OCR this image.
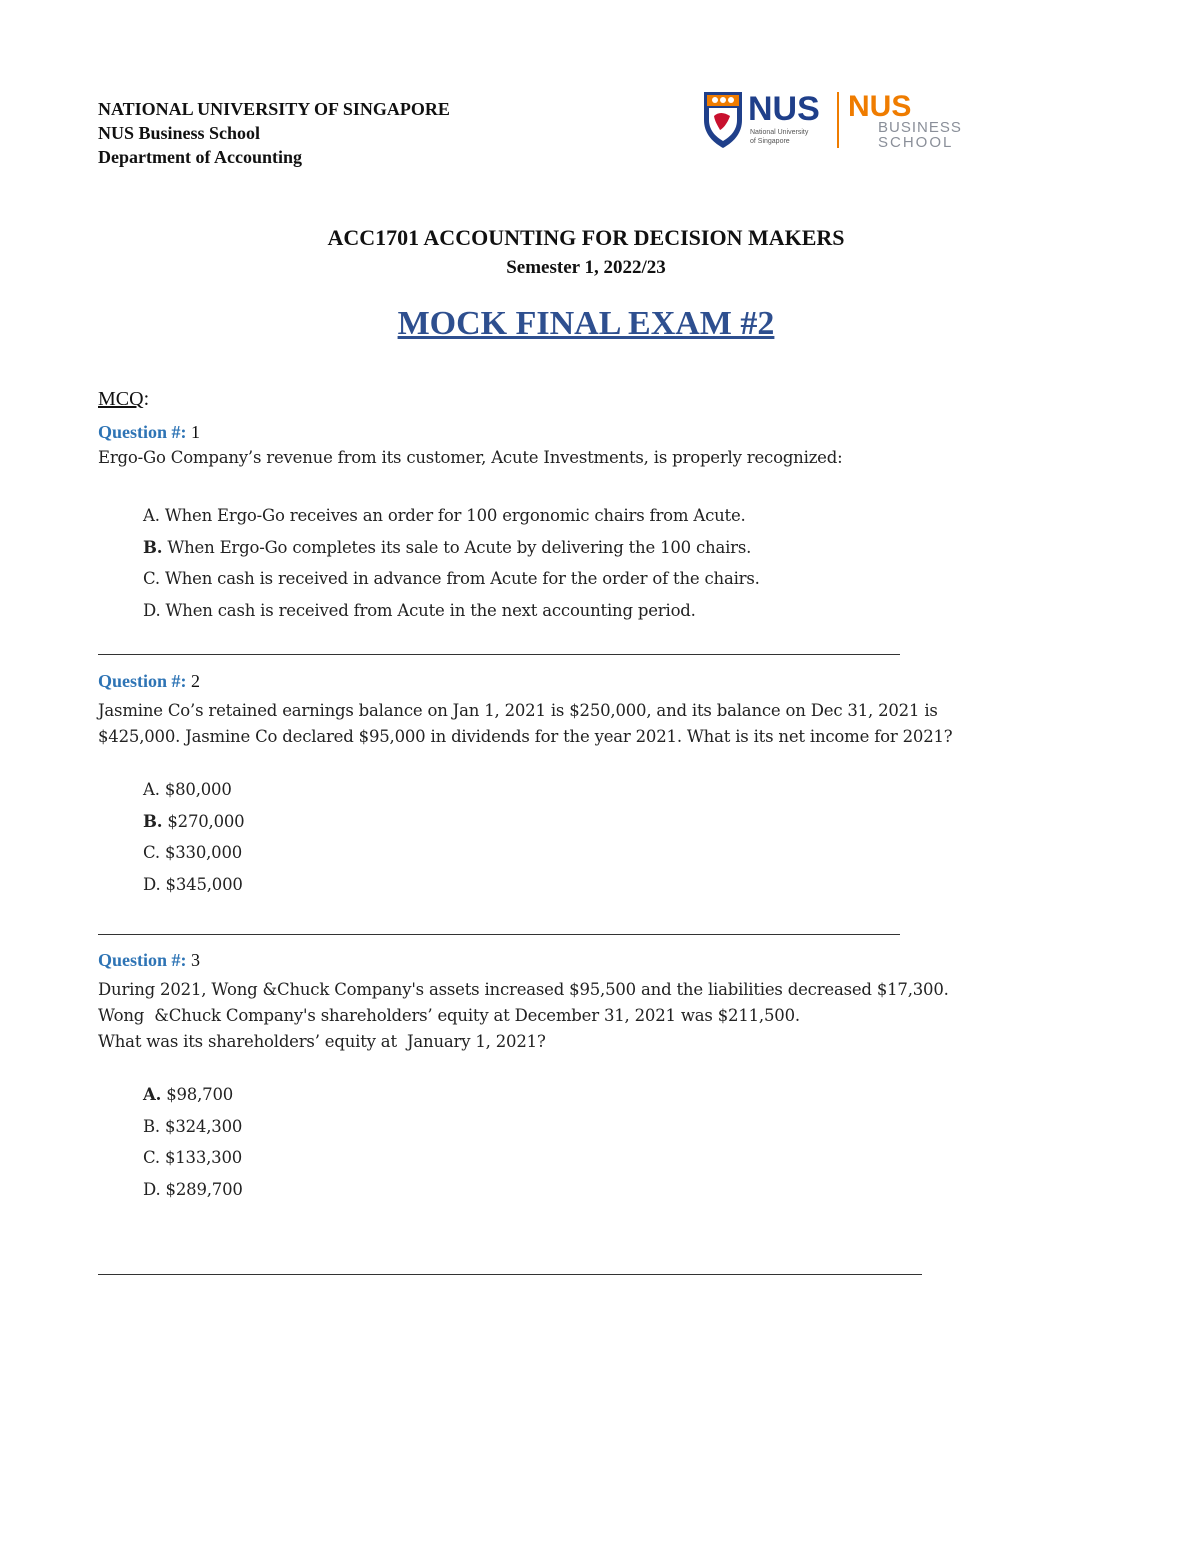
NATIONAL UNIVERSITY OF SINGAPORE
NUS Business School
Department of Accounting
NUS
National University
of Singapore
NUS
BUSINESS
SCHOOL
ACC1701 ACCOUNTING FOR DECISION MAKERS
Semester 1, 2022/23
MOCK FINAL EXAM #2
MCQ:
Question #: 1
Ergo-Go Company’s revenue from its customer, Acute Investments, is properly recognized:
A. When Ergo-Go receives an order for 100 ergonomic chairs from Acute.
B. When Ergo-Go completes its sale to Acute by delivering the 100 chairs.
C. When cash is received in advance from Acute for the order of the chairs.
D. When cash is received from Acute in the next accounting period.
Question #: 2
Jasmine Co’s retained earnings balance on Jan 1, 2021 is $250,000, and its balance on Dec 31, 2021 is
$425,000. Jasmine Co declared $95,000 in dividends for the year 2021. What is its net income for 2021?
A. $80,000
B. $270,000
C. $330,000
D. $345,000
Question #: 3
During 2021, Wong &Chuck Company's assets increased $95,500 and the liabilities decreased $17,300.
Wong  &Chuck Company's shareholders’ equity at December 31, 2021 was $211,500.
What was its shareholders’ equity at  January 1, 2021?
A. $98,700
B. $324,300
C. $133,300
D. $289,700
